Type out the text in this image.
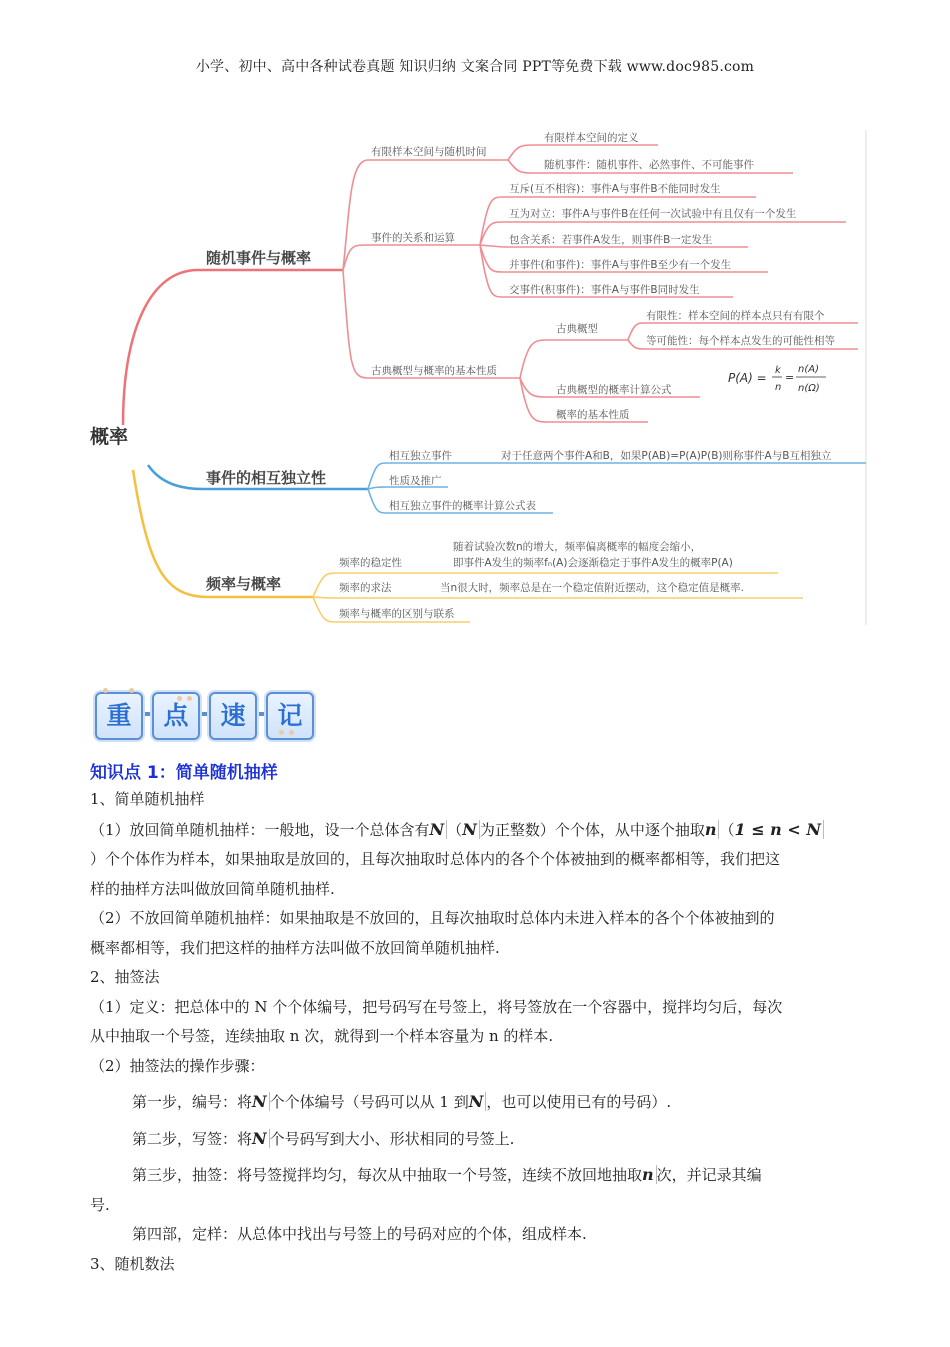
小学、初中、高中各种试卷真题 知识归纳 文案合同 PPT等免费下载 www.doc985.com
概率
随机事件与概率
事件的相互独立性
频率与概率
有限样本空间与随机时间
事件的关系和运算
古典概型与概率的基本性质
有限样本空间的定义
随机事件：随机事件、必然事件、不可能事件
互斥(互不相容)：事件A与事件B不能同时发生
互为对立：事件A与事件B在任何一次试验中有且仅有一个发生
包含关系：若事件A发生，则事件B一定发生
并事件(和事件)：事件A与事件B至少有一个发生
交事件(积事件)：事件A与事件B同时发生
古典概型
有限性：样本空间的样本点只有有限个
等可能性：每个样本点发生的可能性相等
古典概型的概率计算公式
概率的基本性质
P(A) =
k
n
=
n(A)
n(Ω)
相互独立事件	对于任意两个事件A和B，如果P(AB)=P(A)P(B)则称事件A与B互相独立
性质及推广
相互独立事件的概率计算公式表
频率的稳定性
随着试验次数n的增大，频率偏离概率的幅度会缩小，
即事件A发生的频率fₙ(A)会逐渐稳定于事件A发生的概率P(A)
频率的求法	当n很大时，频率总是在一个稳定值附近摆动，这个稳定值是概率.
频率与概率的区别与联系
重	点	速	记
知识点 1：简单随机抽样
1、简单随机抽样
（1）放回简单随机抽样：一般地，设一个总体含有N （N 为正整数）个个体，从中逐个抽取n （1 ≤ n < N
）个个体作为样本，如果抽取是放回的，且每次抽取时总体内的各个个体被抽到的概率都相等，我们把这
样的抽样方法叫做放回简单随机抽样.
（2）不放回简单随机抽样：如果抽取是不放回的，且每次抽取时总体内未进入样本的各个个体被抽到的
概率都相等，我们把这样的抽样方法叫做不放回简单随机抽样.
2、抽签法
（1）定义：把总体中的 N 个个体编号，把号码写在号签上，将号签放在一个容器中，搅拌均匀后，每次
从中抽取一个号签，连续抽取 n 次，就得到一个样本容量为 n 的样本.
（2）抽签法的操作步骤：
第一步，编号：将N 个个体编号（号码可以从 1 到N ，也可以使用已有的号码）.
第二步，写签：将N 个号码写到大小、形状相同的号签上.
第三步，抽签：将号签搅拌均匀，每次从中抽取一个号签，连续不放回地抽取n 次，并记录其编
号.
第四部，定样：从总体中找出与号签上的号码对应的个体，组成样本.
3、随机数法
